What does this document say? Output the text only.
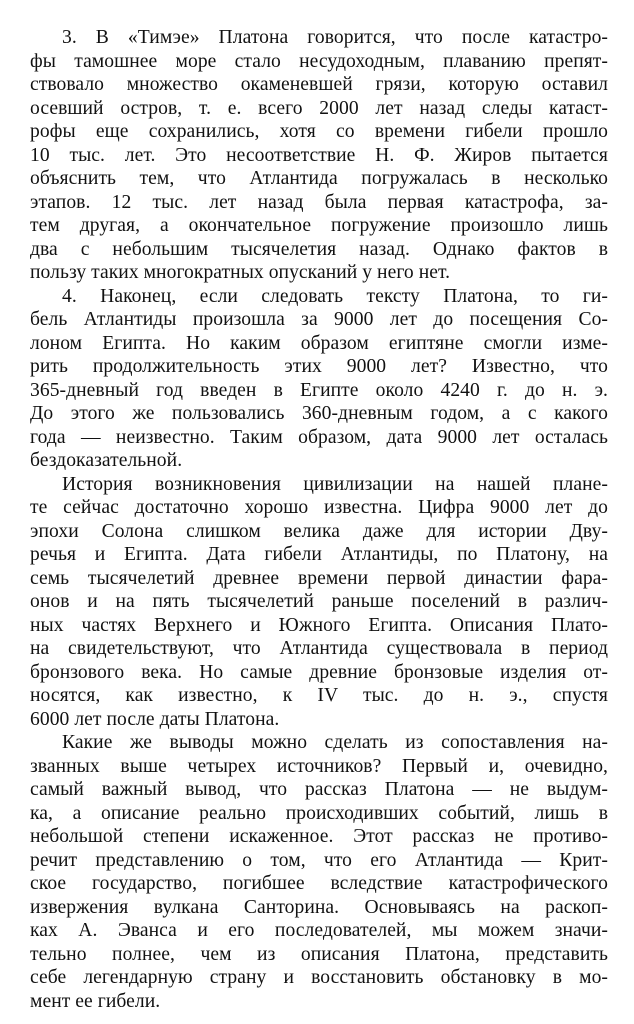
3. В «Тимэе» Платона говорится, что после катастро-
фы тамошнее море стало несудоходным, плаванию препят-
ствовало множество окаменевшей грязи, которую оставил
осевший остров, т. е. всего 2000 лет назад следы катаст-
рофы еще сохранились, хотя со времени гибели прошло
10 тыс. лет. Это несоответствие Н. Ф. Жиров пытается
объяснить тем, что Атлантида погружалась в несколько
этапов. 12 тыс. лет назад была первая катастрофа, за-
тем другая, а окончательное погружение произошло лишь
два с небольшим тысячелетия назад. Однако фактов в
пользу таких многократных опусканий у него нет.
4. Наконец, если следовать тексту Платона, то ги-
бель Атлантиды произошла за 9000 лет до посещения Со-
лоном Египта. Но каким образом египтяне смогли изме-
рить продолжительность этих 9000 лет? Известно, что
365-дневный год введен в Египте около 4240 г. до н. э.
До этого же пользовались 360-дневным годом, а с какого
года — неизвестно. Таким образом, дата 9000 лет осталась
бездоказательной.
История возникновения цивилизации на нашей плане-
те сейчас достаточно хорошо известна. Цифра 9000 лет до
эпохи Солона слишком велика даже для истории Дву-
речья и Египта. Дата гибели Атлантиды, по Платону, на
семь тысячелетий древнее времени первой династии фара-
онов и на пять тысячелетий раньше поселений в различ-
ных частях Верхнего и Южного Египта. Описания Плато-
на свидетельствуют, что Атлантида существовала в период
бронзового века. Но самые древние бронзовые изделия от-
носятся, как известно, к IV тыс. до н. э., спустя
6000 лет после даты Платона.
Какие же выводы можно сделать из сопоставления на-
званных выше четырех источников? Первый и, очевидно,
самый важный вывод, что рассказ Платона — не выдум-
ка, а описание реально происходивших событий, лишь в
небольшой степени искаженное. Этот рассказ не противо-
речит представлению о том, что его Атлантида — Крит-
ское государство, погибшее вследствие катастрофического
извержения вулкана Санторина. Основываясь на раскоп-
ках А. Эванса и его последователей, мы можем значи-
тельно полнее, чем из описания Платона, представить
себе легендарную страну и восстановить обстановку в мо-
мент ее гибели.
